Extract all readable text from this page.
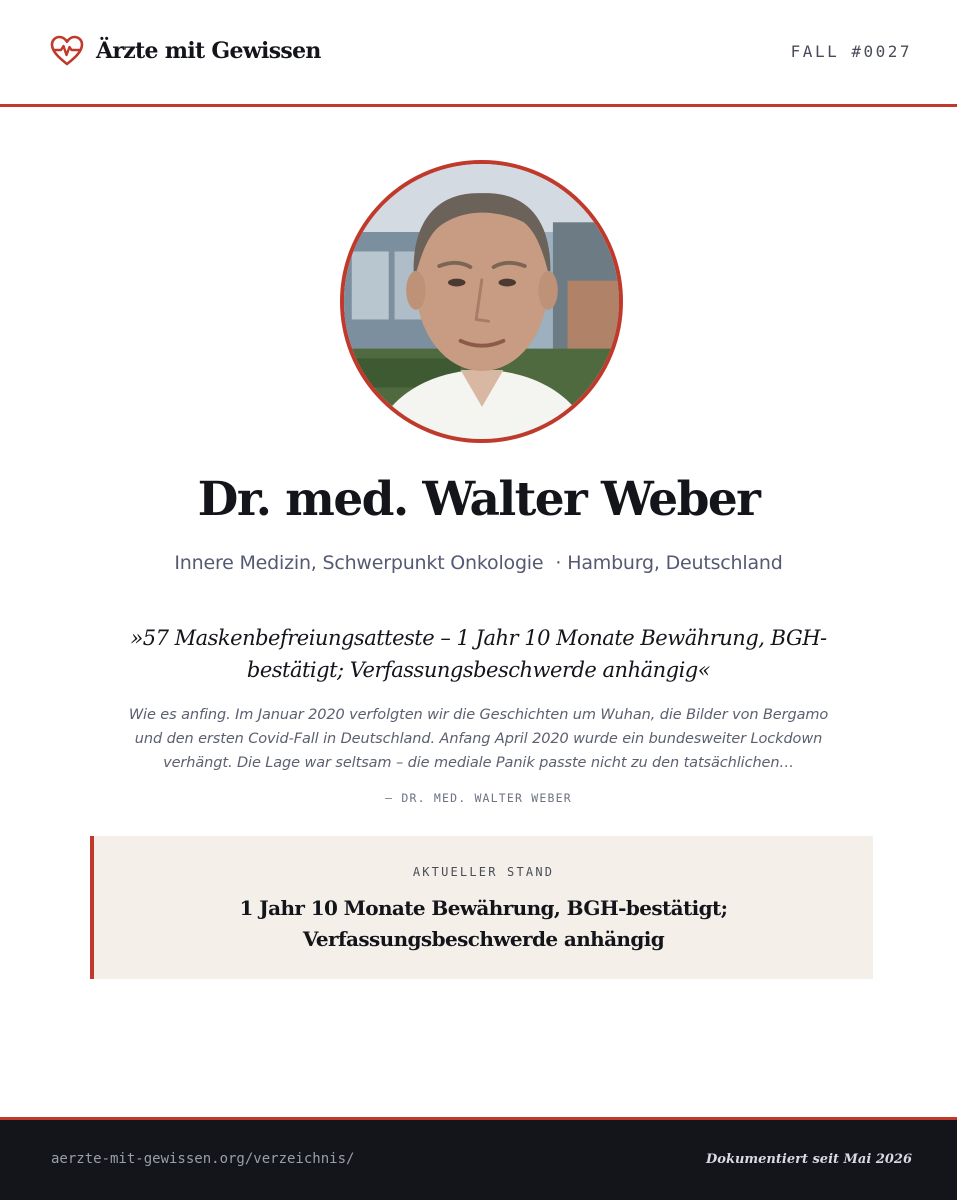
Ärzte mit Gewissen	FALL #0027
Dr. med. Walter Weber
Innere Medizin, Schwerpunkt Onkologie · Hamburg, Deutschland

»57 Maskenbefreiungsatteste – 1 Jahr 10 Monate Bewährung, BGH-bestätigt; Verfassungsbeschwerde anhängig«

Wie es anfing. Im Januar 2020 verfolgten wir die Geschichten um Wuhan, die Bilder von Bergamo und den ersten Covid-Fall in Deutschland. Anfang April 2020 wurde ein bundesweiter Lockdown verhängt. Die Lage war seltsam – die mediale Panik passte nicht zu den tatsächlichen…

— DR. MED. WALTER WEBER
AKTUELLER STAND
1 Jahr 10 Monate Bewährung, BGH-bestätigt; Verfassungsbeschwerde anhängig
aerzte-mit-gewissen.org/verzeichnis/	Dokumentiert seit Mai 2026
